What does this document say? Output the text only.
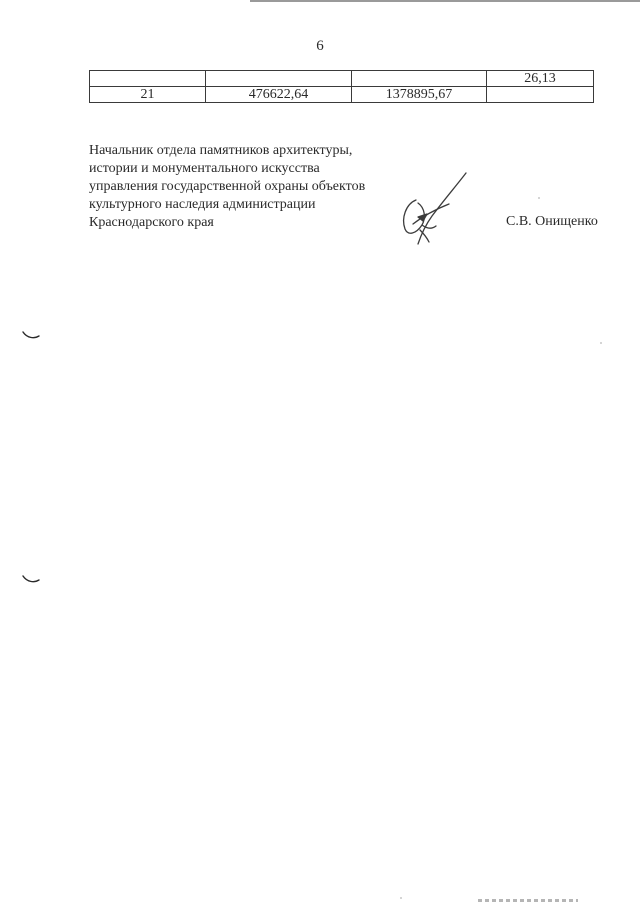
6
			26,13
21	476622,64	1378895,67	
Начальник отдела памятников архитектуры,
истории и монументального искусства
управления государственной охраны объектов
культурного наследия администрации
Краснодарского края	С.В. Онищенко
